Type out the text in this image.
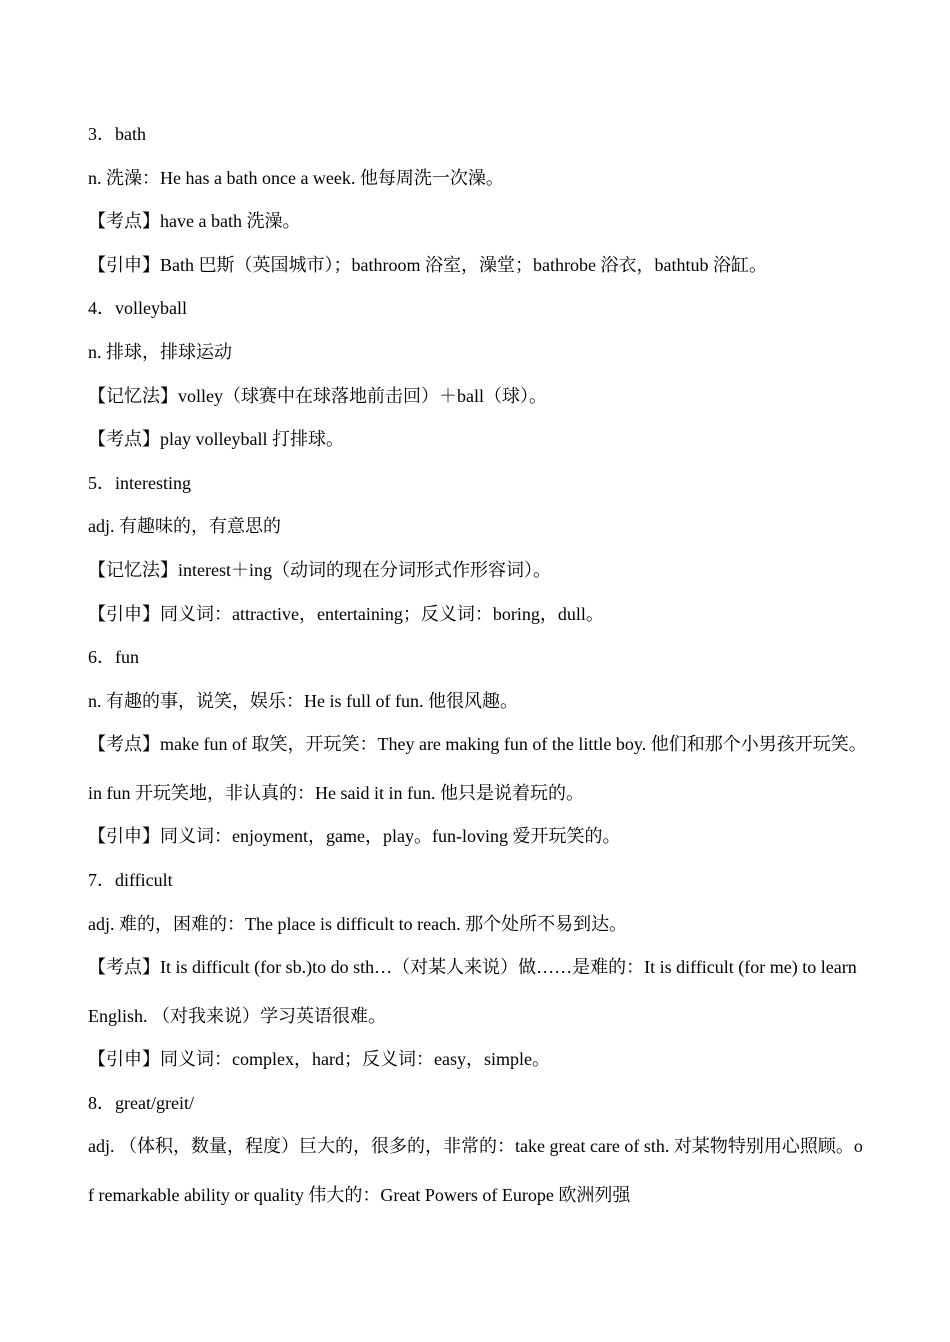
3．bath

n. 洗澡：He has a bath once a week. 他每周洗一次澡。

【考点】have a bath 洗澡。

【引申】Bath 巴斯（英国城市）；bathroom 浴室，澡堂；bathrobe 浴衣，bathtub 浴缸。

4．volleyball

n. 排球，排球运动

【记忆法】volley（球赛中在球落地前击回）＋ball（球）。

【考点】play volleyball 打排球。

5．interesting

adj. 有趣味的，有意思的

【记忆法】interest＋ing（动词的现在分词形式作形容词）。

【引申】同义词：attractive，entertaining；反义词：boring，dull。

6．fun

n. 有趣的事，说笑，娱乐：He is full of fun. 他很风趣。

【考点】make fun of 取笑，开玩笑：They are making fun of the little boy. 他们和那个小男孩开玩笑。in fun 开玩笑地，非认真的：He said it in fun. 他只是说着玩的。

【引申】同义词：enjoyment，game，play。fun-loving 爱开玩笑的。

7．difficult

adj. 难的，困难的：The place is difficult to reach. 那个处所不易到达。

【考点】It is difficult (for sb.)to do sth…（对某人来说）做……是难的：It is difficult (for me) to learn English. （对我来说）学习英语很难。

【引申】同义词：complex，hard；反义词：easy，simple。

8．great/greit/

adj. （体积，数量，程度）巨大的，很多的，非常的：take great care of sth. 对某物特别用心照顾。of remarkable ability or quality 伟大的：Great Powers of Europe 欧洲列强
